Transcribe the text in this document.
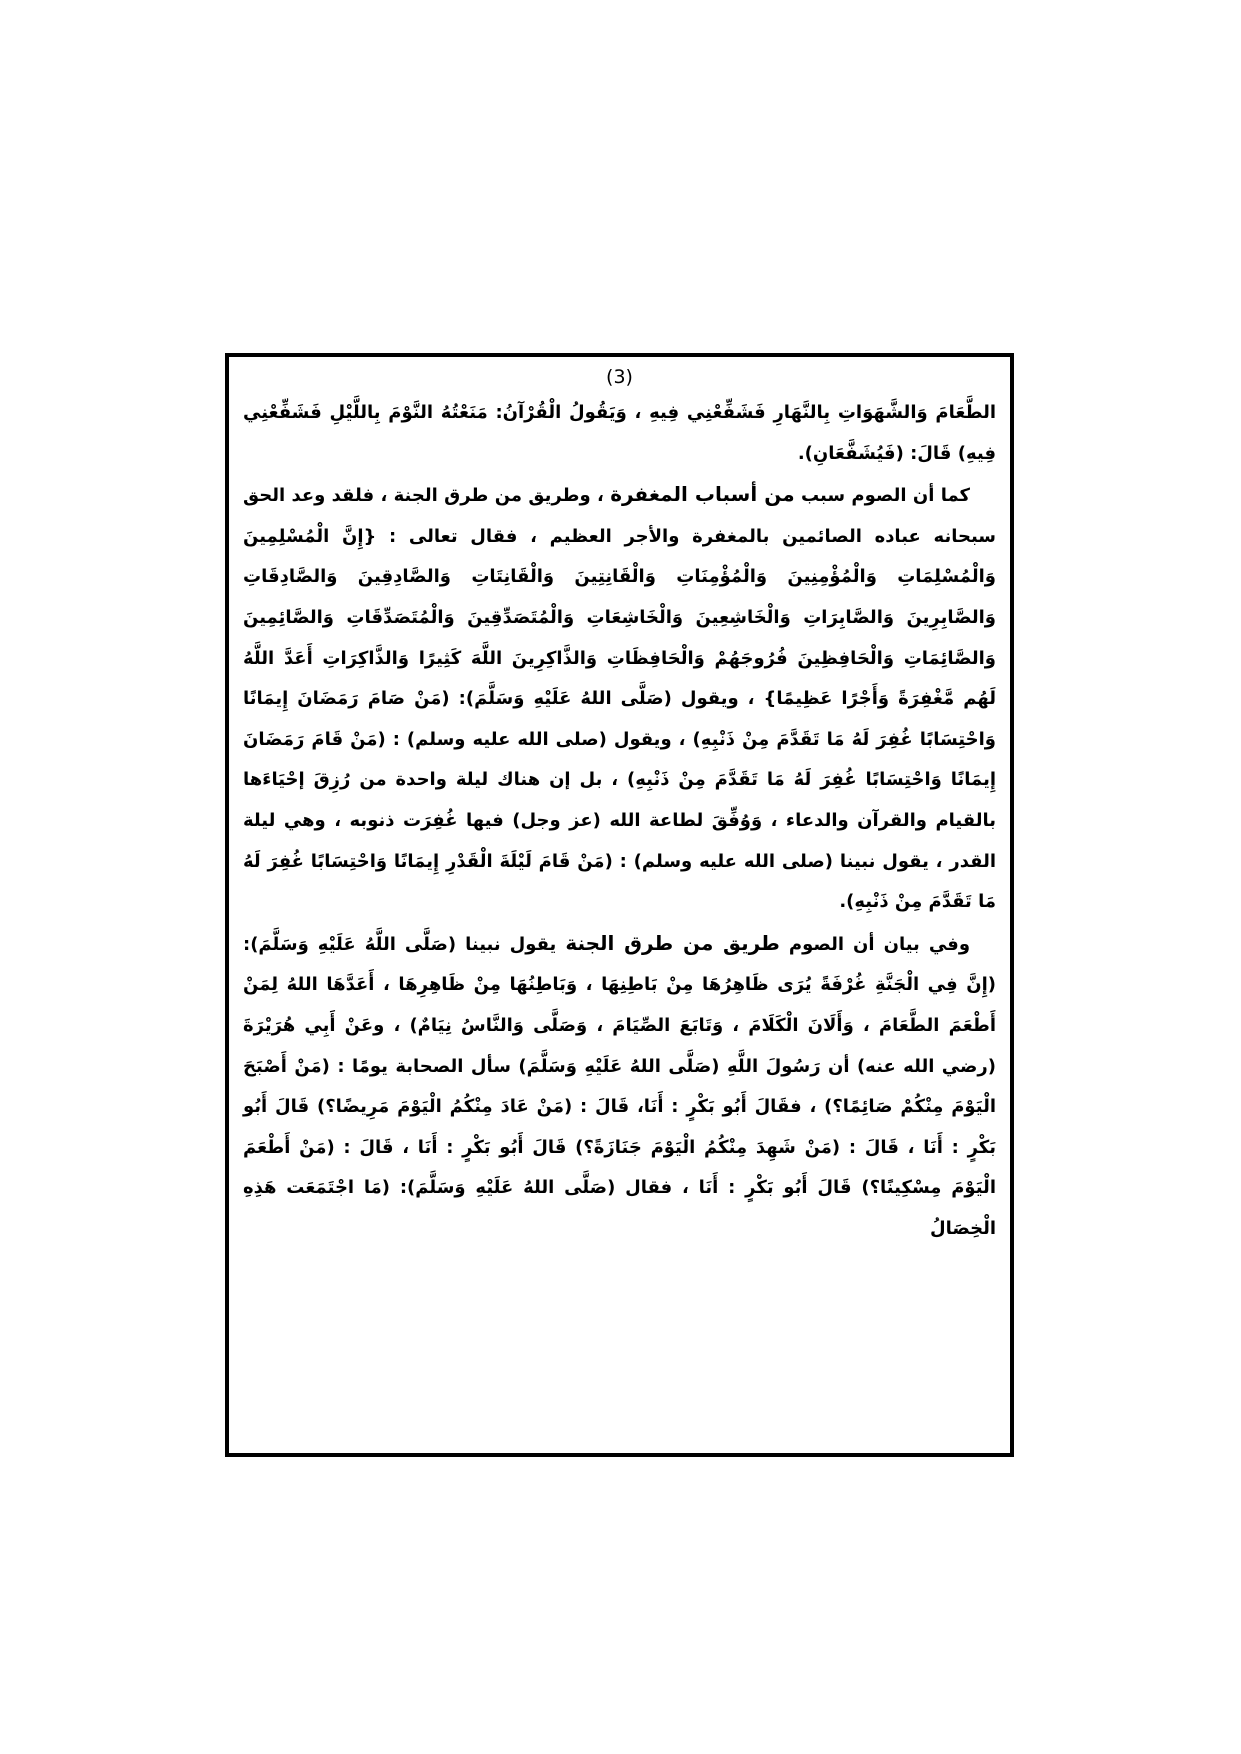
(3)

الطَّعَامَ وَالشَّهَوَاتِ بِالنَّهَارِ فَشَفِّعْنِي فِيهِ ، وَيَقُولُ الْقُرْآنُ: مَنَعْتُهُ النَّوْمَ بِاللَّيْلِ فَشَفِّعْنِي فِيهِ) قَالَ: (فَيُشَفَّعَانِ).

كما أن الصوم سبب من أسباب المغفرة ، وطريق من طرق الجنة ، فلقد وعد الحق سبحانه عباده الصائمين بالمغفرة والأجر العظيم ، فقال تعالى : {إِنَّ الْمُسْلِمِينَ وَالْمُسْلِمَاتِ وَالْمُؤْمِنِينَ وَالْمُؤْمِنَاتِ وَالْقَانِتِينَ وَالْقَانِتَاتِ وَالصَّادِقِينَ وَالصَّادِقَاتِ وَالصَّابِرِينَ وَالصَّابِرَاتِ وَالْخَاشِعِينَ وَالْخَاشِعَاتِ وَالْمُتَصَدِّقِينَ وَالْمُتَصَدِّقَاتِ وَالصَّائِمِينَ وَالصَّائِمَاتِ وَالْحَافِظِينَ فُرُوجَهُمْ وَالْحَافِظَاتِ وَالذَّاكِرِينَ اللَّهَ كَثِيرًا وَالذَّاكِرَاتِ أَعَدَّ اللَّهُ لَهُم مَّغْفِرَةً وَأَجْرًا عَظِيمًا} ، ويقول (صَلَّى اللهُ عَلَيْهِ وَسَلَّمَ): (مَنْ صَامَ رَمَضَانَ إِيمَانًا وَاحْتِسَابًا غُفِرَ لَهُ مَا تَقَدَّمَ مِنْ ذَنْبِهِ) ، ويقول (صلى الله عليه وسلم) : (مَنْ قَامَ رَمَضَانَ إِيمَانًا وَاحْتِسَابًا غُفِرَ لَهُ مَا تَقَدَّمَ مِنْ ذَنْبِهِ) ، بل إن هناك ليلة واحدة من رُزِقَ إحْيَاءَها بالقيام والقرآن والدعاء ، وَوُفِّقَ لطاعة الله (عز وجل) فيها غُفِرَت ذنوبه ، وهي ليلة القدر ، يقول نبينا (صلى الله عليه وسلم) : (مَنْ قَامَ لَيْلَةَ الْقَدْرِ إِيمَانًا وَاحْتِسَابًا غُفِرَ لَهُ مَا تَقَدَّمَ مِنْ ذَنْبِهِ).

وفي بيان أن الصوم طريق من طرق الجنة يقول نبينا (صَلَّى اللَّهُ عَلَيْهِ وَسَلَّمَ): (إِنَّ فِي الْجَنَّةِ غُرْفَةً يُرَى ظَاهِرُهَا مِنْ بَاطِنِهَا ، وَبَاطِنُهَا مِنْ ظَاهِرِهَا ، أَعَدَّهَا اللهُ لِمَنْ أَطْعَمَ الطَّعَامَ ، وَأَلَانَ الْكَلَامَ ، وَتَابَعَ الصِّيَامَ ، وَصَلَّى وَالنَّاسُ نِيَامٌ) ، وعَنْ أَبِي هُرَيْرَةَ (رضي الله عنه) أن رَسُولَ اللَّهِ (صَلَّى اللهُ عَلَيْهِ وَسَلَّمَ) سأل الصحابة يومًا : (مَنْ أَصْبَحَ الْيَوْمَ مِنْكُمْ صَائِمًا؟) ، فقَالَ أَبُو بَكْرٍ : أَنَا، قَالَ : (مَنْ عَادَ مِنْكُمُ الْيَوْمَ مَرِيضًا؟) قَالَ أَبُو بَكْرٍ : أَنَا ، قَالَ : (مَنْ شَهِدَ مِنْكُمُ الْيَوْمَ جَنَازَةً؟) قَالَ أَبُو بَكْرٍ : أَنَا ، قَالَ : (مَنْ أَطْعَمَ الْيَوْمَ مِسْكِينًا؟) قَالَ أَبُو بَكْرٍ : أَنَا ، فقال (صَلَّى اللهُ عَلَيْهِ وَسَلَّمَ): (مَا اجْتَمَعَت هَذِهِ الْخِصَالُ
